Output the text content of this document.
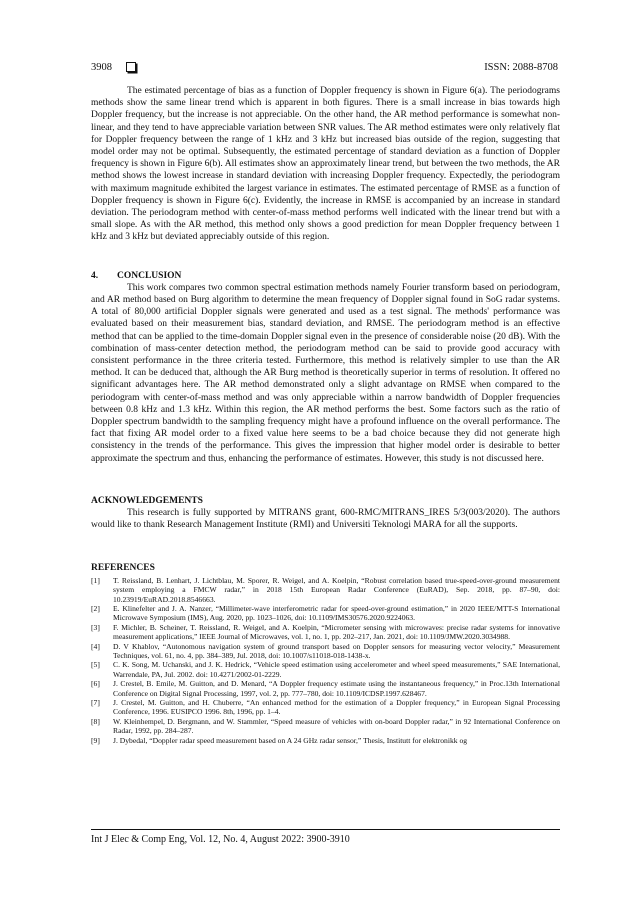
3908	ISSN: 2088-8708

The estimated percentage of bias as a function of Doppler frequency is shown in Figure 6(a). The periodograms methods show the same linear trend which is apparent in both figures. There is a small increase in bias towards high Doppler frequency, but the increase is not appreciable. On the other hand, the AR method performance is somewhat non-linear, and they tend to have appreciable variation between SNR values. The AR method estimates were only relatively flat for Doppler frequency between the range of 1 kHz and 3 kHz but increased bias outside of the region, suggesting that model order may not be optimal. Subsequently, the estimated percentage of standard deviation as a function of Doppler frequency is shown in Figure 6(b). All estimates show an approximately linear trend, but between the two methods, the AR method shows the lowest increase in standard deviation with increasing Doppler frequency. Expectedly, the periodogram with maximum magnitude exhibited the largest variance in estimates. The estimated percentage of RMSE as a function of Doppler frequency is shown in Figure 6(c). Evidently, the increase in RMSE is accompanied by an increase in standard deviation. The periodogram method with center-of-mass method performs well indicated with the linear trend but with a small slope. As with the AR method, this method only shows a good prediction for mean Doppler frequency between 1 kHz and 3 kHz but deviated appreciably outside of this region.

4. CONCLUSION

This work compares two common spectral estimation methods namely Fourier transform based on periodogram, and AR method based on Burg algorithm to determine the mean frequency of Doppler signal found in SoG radar systems. A total of 80,000 artificial Doppler signals were generated and used as a test signal. The methods' performance was evaluated based on their measurement bias, standard deviation, and RMSE. The periodogram method is an effective method that can be applied to the time-domain Doppler signal even in the presence of considerable noise (20 dB). With the combination of mass-center detection method, the periodogram method can be said to provide good accuracy with consistent performance in the three criteria tested. Furthermore, this method is relatively simpler to use than the AR method. It can be deduced that, although the AR Burg method is theoretically superior in terms of resolution. It offered no significant advantages here. The AR method demonstrated only a slight advantage on RMSE when compared to the periodogram with center-of-mass method and was only appreciable within a narrow bandwidth of Doppler frequencies between 0.8 kHz and 1.3 kHz. Within this region, the AR method performs the best. Some factors such as the ratio of Doppler spectrum bandwidth to the sampling frequency might have a profound influence on the overall performance. The fact that fixing AR model order to a fixed value here seems to be a bad choice because they did not generate high consistency in the trends of the performance. This gives the impression that higher model order is desirable to better approximate the spectrum and thus, enhancing the performance of estimates. However, this study is not discussed here.

ACKNOWLEDGEMENTS

This research is fully supported by MITRANS grant, 600-RMC/MITRANS_IRES 5/3(003/2020). The authors would like to thank Research Management Institute (RMI) and Universiti Teknologi MARA for all the supports.

REFERENCES
[1]	T. Reissland, B. Lenhart, J. Lichtblau, M. Sporer, R. Weigel, and A. Koelpin, “Robust correlation based true-speed-over-ground measurement system employing a FMCW radar,” in 2018 15th European Radar Conference (EuRAD), Sep. 2018, pp. 87–90, doi: 10.23919/EuRAD.2018.8546663.
[2]	E. Klinefelter and J. A. Nanzer, “Millimeter-wave interferometric radar for speed-over-ground estimation,” in 2020 IEEE/MTT-S International Microwave Symposium (IMS), Aug. 2020, pp. 1023–1026, doi: 10.1109/IMS30576.2020.9224063.
[3]	F. Michler, B. Scheiner, T. Reissland, R. Weigel, and A. Koelpin, “Micrometer sensing with microwaves: precise radar systems for innovative measurement applications,” IEEE Journal of Microwaves, vol. 1, no. 1, pp. 202–217, Jan. 2021, doi: 10.1109/JMW.2020.3034988.
[4]	D. V Khablov, “Autonomous navigation system of ground transport based on Doppler sensors for measuring vector velocity,” Measurement Techniques, vol. 61, no. 4, pp. 384–389, Jul. 2018, doi: 10.1007/s11018-018-1438-x.
[5]	C. K. Song, M. Uchanski, and J. K. Hedrick, “Vehicle speed estimation using accelerometer and wheel speed measurements,” SAE International, Warrendale, PA, Jul. 2002. doi: 10.4271/2002-01-2229.
[6]	J. Crestel, B. Emile, M. Guitton, and D. Menard, “A Doppler frequency estimate using the instantaneous frequency,” in Proc.13th International Conference on Digital Signal Processing, 1997, vol. 2, pp. 777–780, doi: 10.1109/ICDSP.1997.628467.
[7]	J. Crestel, M. Guitton, and H. Chuberre, “An enhanced method for the estimation of a Doppler frequency,” in European Signal Processing Conference, 1996. EUSIPCO 1996. 8th, 1996, pp. 1–4.
[8]	W. Kleinhempel, D. Bergmann, and W. Stammler, “Speed measure of vehicles with on-board Doppler radar,” in 92 International Conference on Radar, 1992, pp. 284–287.
[9]	J. Dybedal, “Doppler radar speed measurement based on A 24 GHz radar sensor,” Thesis, Institutt for elektronikk og
Int J Elec & Comp Eng, Vol. 12, No. 4, August 2022: 3900-3910
